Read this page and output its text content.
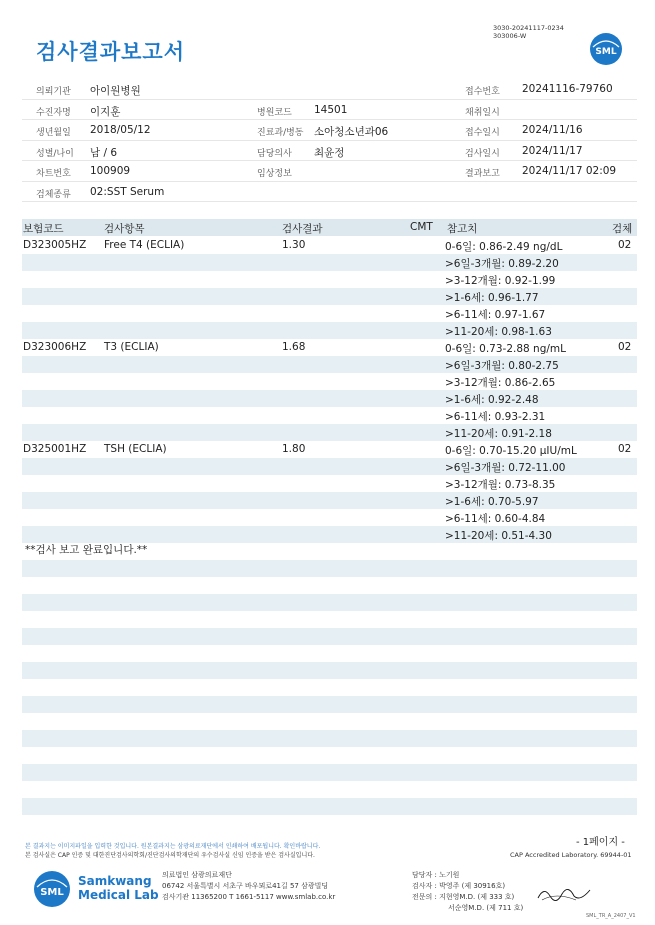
3030-20241117-0234
303006-W
검사결과보고서	SML
의뢰기관 아이원병원	접수번호 20241116-79760
수진자명 이지훈	병원코드 14501	채취일시
생년월일 2018/05/12	진료과/병동 소아청소년과06	접수일시 2024/11/16
성별/나이 남 / 6	담당의사 최윤정	검사일시 2024/11/17
차트번호 100909	임상정보	결과보고 2024/11/17 02:09
검체종류 02:SST Serum
보험코드	검사항목	검사결과	CMT 참고치	검체
D323005HZ Free T4 (ECLIA)	1.30	0-6일: 0.86-2.49 ng/dL	02
>6일-3개월: 0.89-2.20
>3-12개월: 0.92-1.99
>1-6세: 0.96-1.77
>6-11세: 0.97-1.67
>11-20세: 0.98-1.63
D323006HZ T3 (ECLIA)	1.68	0-6일: 0.73-2.88 ng/mL	02
>6일-3개월: 0.80-2.75
>3-12개월: 0.86-2.65
>1-6세: 0.92-2.48
>6-11세: 0.93-2.31
>11-20세: 0.91-2.18
D325001HZ TSH (ECLIA)	1.80	0-6일: 0.70-15.20 µIU/mL	02
>6일-3개월: 0.72-11.00
>3-12개월: 0.73-8.35
>1-6세: 0.70-5.97
>6-11세: 0.60-4.84
>11-20세: 0.51-4.30
**검사 보고 완료입니다.**
본 결과지는 이미지파일을 입력한 것입니다. 원본결과지는 삼광의료재단에서 인쇄하여 배포됩니다. 확인바랍니다.
본 검사실은 CAP 인증 및 대한진단검사의학회/진단검사의학재단의 우수검사실 신임 인증을 받은 검사실입니다.
- 1페이지 -
CAP Accredited Laboratory. 69944-01
SML
Samkwang
Medical Lab
의료법인 삼광의료재단
06742 서울특별시 서초구 바우뫼로41길 57 삼광빌딩
검사기관 11365200 T 1661-5117 www.smlab.co.kr
담당자 : 노기원
검사자 : 박영주 (제 30916호)
전문의 : 지현영M.D. (제 333 호)
서순영M.D. (제 711 호)
SML_TR_A_2407_V1
